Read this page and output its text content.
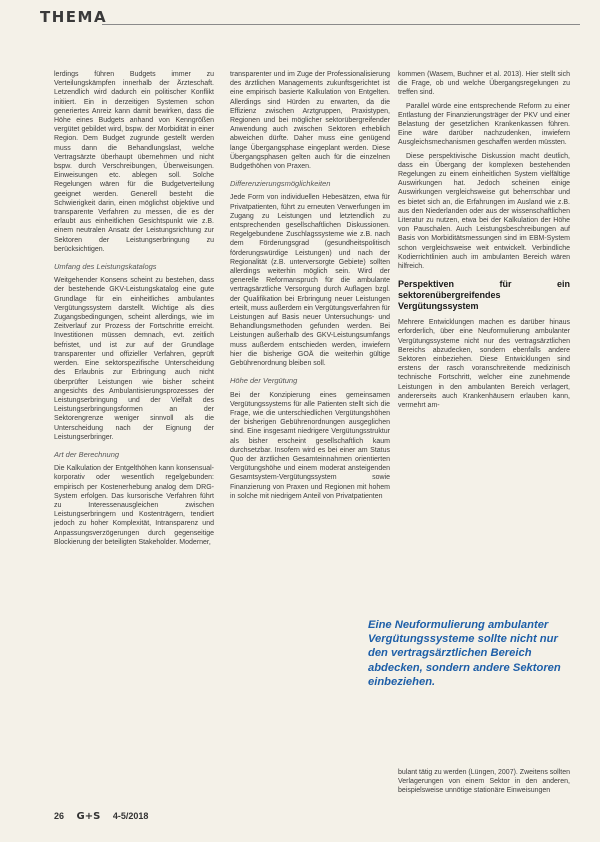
THEMA

lerdings führen Budgets immer zu Verteilungskämpfen innerhalb der Ärzteschaft. Letzendlich wird dadurch ein politischer Konflikt initiiert. Ein in derzeitigen Systemen schon generiertes Anreiz kann damit bewirken, dass die Höhe eines Budgets anhand von Kenngrößen vergütet gebildet wird, bspw. der Morbidität in einer Region. Dem Budget zugrunde gestellt werden muss dann die Behandlungslast, welche Vertragsärzte überhaupt übernehmen und nicht bspw. durch Verschreibungen, Überweisungen. Einweisungen etc. ablegen soll. Solche Regelungen wären für die Budgetverteilung geeignet werden. Generell besteht die Schwierigkeit darin, einen möglichst objektive und transparente Verfahren zu messen, die es der erlaubt aus einheitlichen Gesichtspunkt wie z.B. einem neutralen Ansatz der Leistungsrichtung zur Sektoren der Leistungserbringung zu berücksichtigen.

Umfang des Leistungskatalogs

Weitgehender Konsens scheint zu bestehen, dass der bestehende GKV-Leistungskatalog eine gute Grundlage für ein einheitliches ambulantes Vergütungssystem darstellt. Wichtige als dies Zugangsbedingungen, scheint allerdings, wie im Zeitverlauf zur Prozess der Fortschritte erreicht. Investitionen müssen demnach, evt. zeitlich befristet, und ist zur auf der Grundlage transparenter und offizieller Verfahren, geprüft werden. Eine sektorspezifische Unterscheidung des Erlaubnis zur Erbringung auch nicht überprüfter Leistungen wie bisher scheint angesichts des Ambulantisierungsprozesses der Leistungserbringung und der Vielfalt des Leistungserbringungsformen an der Sektorengrenze weniger sinnvoll als die Unterscheidung nach der Eignung der Leistungserbringer.

Art der Berechnung

Die Kalkulation der Entgelthöhen kann konsensual-korporativ oder wesentlich regelgebunden: empirisch per Kostenerhebung analog dem DRG-System erfolgen. Das kursorische Verfahren führt zu Interessenausgleichen zwischen Leistungserbringern und Kostenträgern, tendiert jedoch zu hoher Komplexität, Intransparenz und Anpassungsverzögerungen durch gegenseitige Blockierung der beteiligten Stakeholder. Moderner,

transparenter und im Zuge der Professionalisierung des ärztlichen Managements zukunftsgerichtet ist eine empirisch basierte Kalkulation von Entgelten. Allerdings sind Hürden zu erwarten, da die Effizienz zwischen Arztgruppen, Praxistypen, Regionen und bei möglicher sektorübergreifender Anwendung auch zwischen Sektoren erheblich abweichen dürfte. Daher muss eine genügend lange Übergangsphase eingeplant werden. Diese Übergangsphasen gelten auch für die einzelnen Budgethöhen von Praxen.

Differenzierungsmöglichkeiten

Jede Form von individuellen Hebesätzen, etwa für Privatpatienten, führt zu erneuten Verwerfungen im Zugang zu Leistungen und letztendlich zu entsprechenden gesellschaftlichen Diskussionen. Regelgebundene Zuschlagssysteme wie z.B. nach dem Förderungsgrad (gesundheitspolitisch förderungswürdige Leistungen) und nach der Regionalität (z.B. unterversorgte Gebiete) sollten allerdings weiterhin möglich sein. Wird der generelle Reformanspruch für die ambulante vertragsärztliche Versorgung durch Auflagen bzgl. der Qualifikation bei Erbringung neuer Leistungen erteilt, muss außerdem ein Vergütungsverfahren für Leistungen auf Basis neuer Untersuchungs- und Behandlungsmethoden gefunden werden. Bei Leistungen außerhalb des GKV-Leistungsumfangs muss außerdem entschieden werden, inwiefern hier die bisherige GOÄ die weiterhin gültige Gebührenordnung bleiben soll.

Höhe der Vergütung

Bei der Konzipierung eines gemeinsamen Vergütungssystems für alle Patienten stellt sich die Frage, wie die unterschiedlichen Vergütungshöhen der bisherigen Gebührenordnungen ausgeglichen sind. Eine insgesamt niedrigere Vergütungsstruktur als bisher erscheint gesellschaftlich kaum durchsetzbar. Insofern wird es bei einer am Status Quo der ärztlichen Gesamteinnahmen orientierten Vergütungshöhe und einem moderat ansteigenden Gesamtsystem-Vergütungssystem sowie Finanzierung von Praxen und Regionen mit hohem in solche mit niedrigem Anteil von Privatpatienten

kommen (Wasem, Buchner et al. 2013). Hier stellt sich die Frage, ob und welche Übergangsregelungen zu treffen sind.

Parallel würde eine entsprechende Reform zu einer Entlastung der Finanzierungsträger der PKV und einer Belastung der gesetzlichen Krankenkassen führen. Eine wäre darüber nachzudenken, inwiefern Ausgleichsmechanismen geschaffen werden müssten.

Diese perspektivische Diskussion macht deutlich, dass ein Übergang der komplexen bestehenden Regelungen zu einem einheitlichen System vielfältige Auswirkungen hat. Jedoch scheinen einige Auswirkungen vergleichsweise gut beherrschbar und es bietet sich an, die Erfahrungen im Ausland wie z.B. aus den Niederlanden oder aus der wissenschaftlichen Literatur zu nutzen, etwa bei der Kalkulation der Höhe von Pauschalen. Auch Leistungsbeschreibungen auf Basis von Morbiditätsmessungen sind im EBM-System schon vergleichsweise weit entwickelt. Verbindliche Kodierrichtlinien auch im ambulanten Bereich wären hilfreich.

Perspektiven für ein sektorenübergreifendes Vergütungssystem

Mehrere Entwicklungen machen es darüber hinaus erforderlich, über eine Neuformulierung ambulanter Vergütungssysteme nicht nur des vertragsärztlichen Bereichs abzudecken, sondern ebenfalls andere Sektoren einbeziehen. Diese Entwicklungen sind erstens der rasch voranschreitende medizinisch technische Fortschritt, welcher eine zunehmende Leistungen in den ambulanten Bereich verlagert, andererseits auch Krankenhäusern erlauben kann, vermehrt am-

Eine Neuformulierung ambulanter Vergütungssysteme sollte nicht nur den vertragsärztlichen Bereich abdecken, sondern andere Sektoren einbeziehen.

bulant tätig zu werden (Lüngen, 2007). Zweitens sollten Verlagerungen von einem Sektor in den anderen, beispielsweise unnötige stationäre Einweisungen

26 G+S 4-5/2018
